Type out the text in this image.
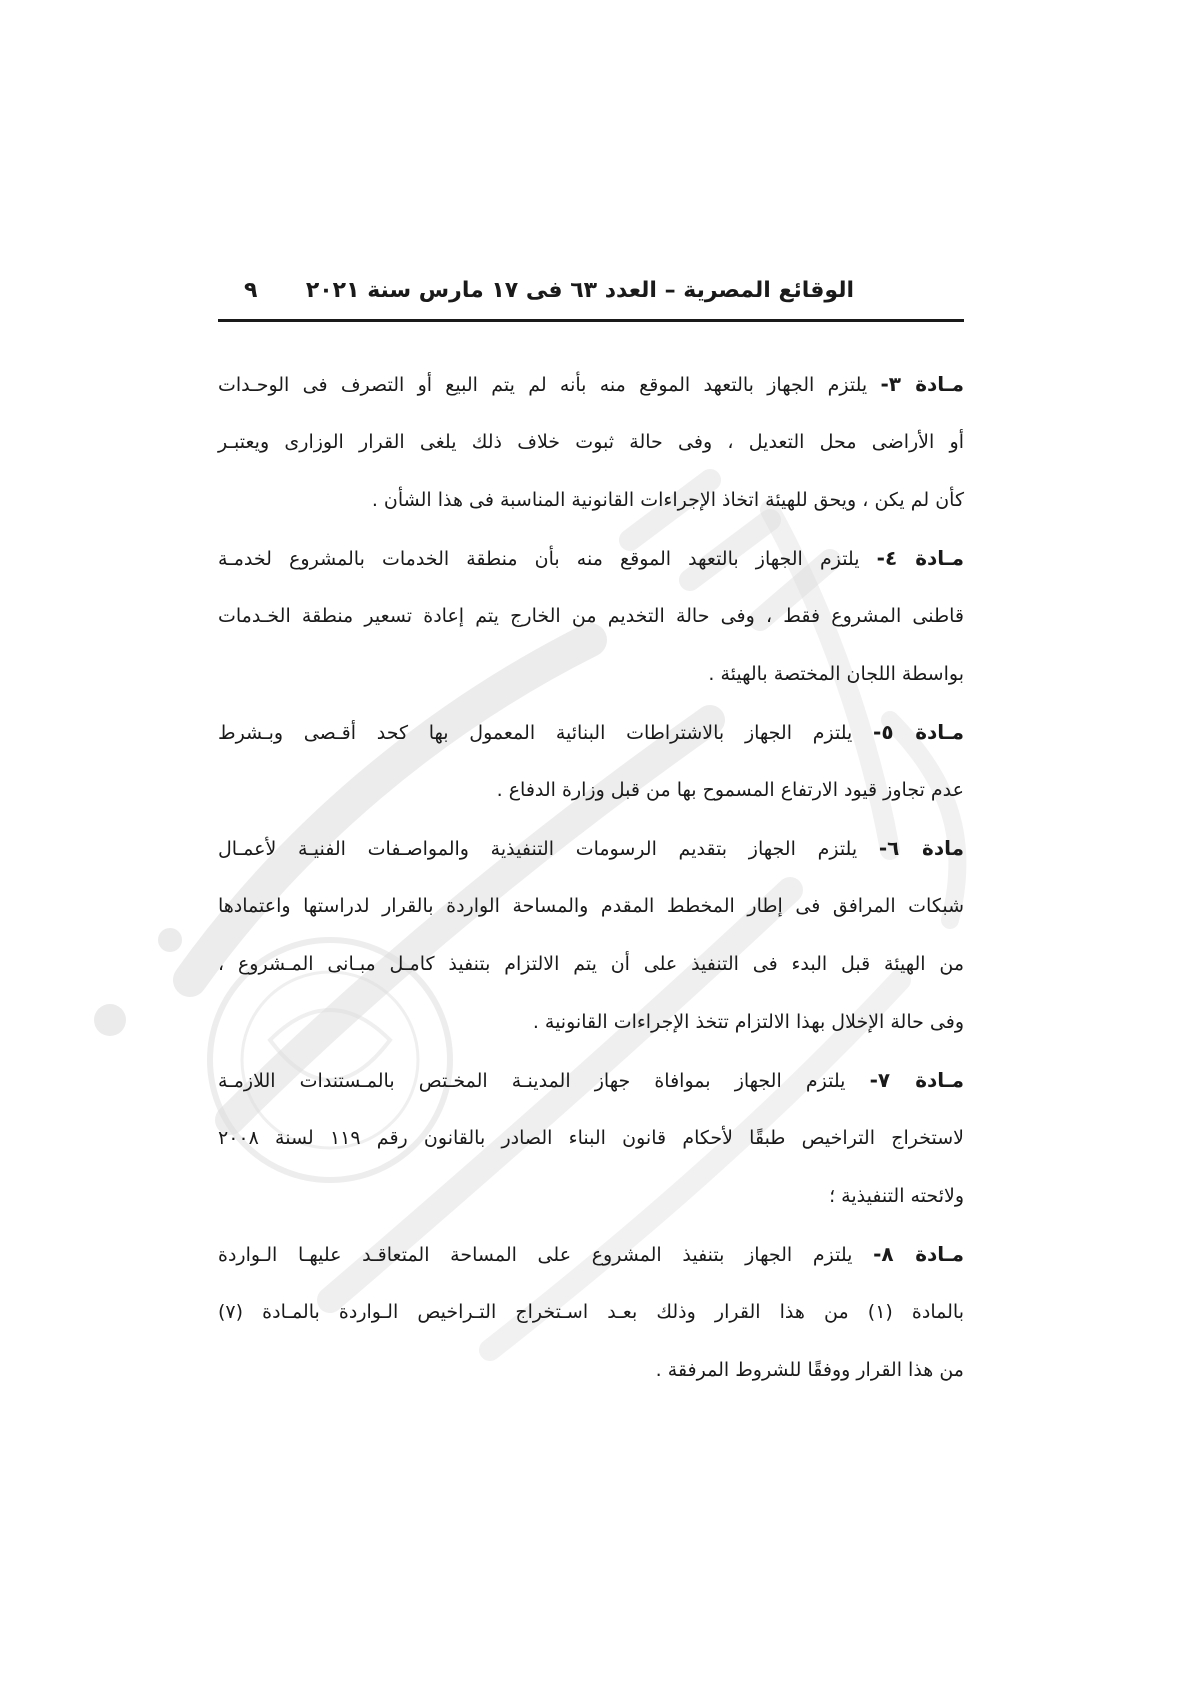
الوقائع المصرية – العدد ٦٣ فى ١٧ مارس سنة ٢٠٢١
٩
مـادة ٣- يلتزم الجهاز بالتعهد الموقع منه بأنه لم يتم البيع أو التصرف فى الوحـدات
أو الأراضى محل التعديل ، وفى حالة ثبوت خلاف ذلك يلغى القرار الوزارى ويعتبـر
كأن لم يكن ، ويحق للهيئة اتخاذ الإجراءات القانونية المناسبة فى هذا الشأن .
مـادة ٤- يلتزم الجهاز بالتعهد الموقع منه بأن منطقة الخدمات بالمشروع لخدمـة
قاطنى المشروع فقط ، وفى حالة التخديم من الخارج يتم إعادة تسعير منطقة الخـدمات
بواسطة اللجان المختصة بالهيئة .
مـادة ٥- يلتزم الجهاز بالاشتراطات البنائية المعمول بها كحد أقـصى وبـشرط
عدم تجاوز قيود الارتفاع المسموح بها من قبل وزارة الدفاع .
مادة ٦- يلتزم الجهاز بتقديم الرسومات التنفيذية والمواصـفات الفنيـة لأعمـال
شبكات المرافق فى إطار المخطط المقدم والمساحة الواردة بالقرار لدراستها واعتمادها
من الهيئة قبل البدء فى التنفيذ على أن يتم الالتزام بتنفيذ كامـل مبـانى المـشروع ،
وفى حالة الإخلال بهذا الالتزام تتخذ الإجراءات القانونية .
مـادة ٧- يلتزم الجهاز بموافاة جهاز المدينـة المخـتص بالمـستندات اللازمـة
لاستخراج التراخيص طبقًا لأحكام قانون البناء الصادر بالقانون رقم ١١٩ لسنة ٢٠٠٨
ولائحته التنفيذية ؛
مـادة ٨- يلتزم الجهاز بتنفيذ المشروع على المساحة المتعاقـد عليهـا الـواردة
بالمادة (١) من هذا القرار وذلك بعـد اسـتخراج التـراخيص الـواردة بالمـادة (٧)
من هذا القرار ووفقًا للشروط المرفقة .
